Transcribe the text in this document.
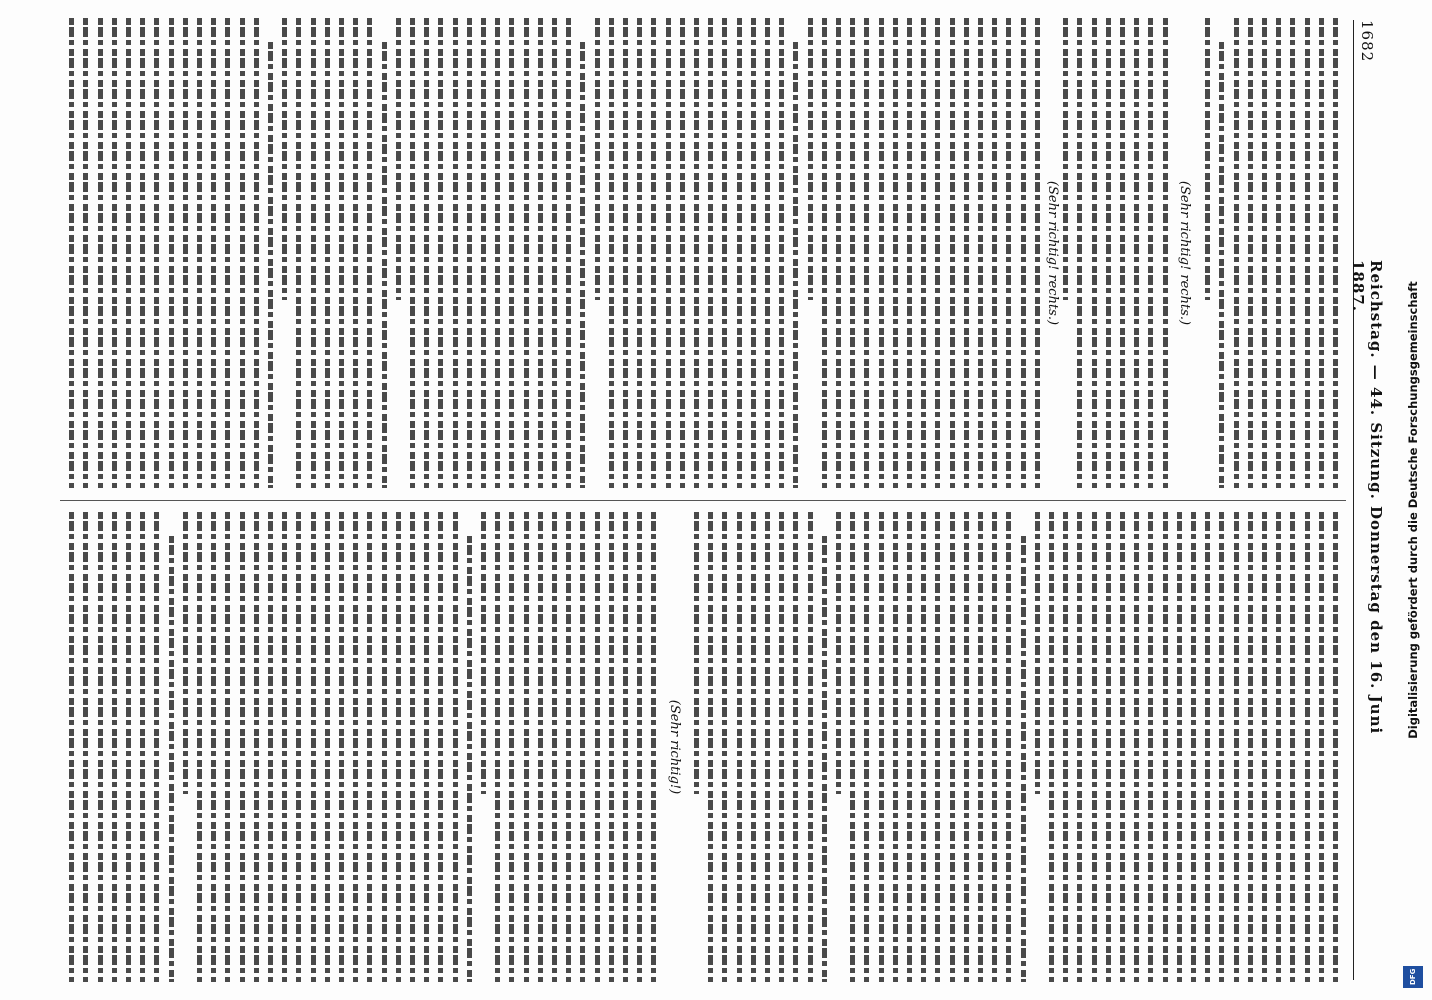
1682
Reichstag. — 44. Sitzung. Donnerstag den 16. Juni 1887.
(Sehr richtig! rechts.)
(Sehr richtig! rechts.)
(Sehr richtig!)
Digitalisierung gefördert durch die Deutsche Forschungsgemeinschaft
DFG
